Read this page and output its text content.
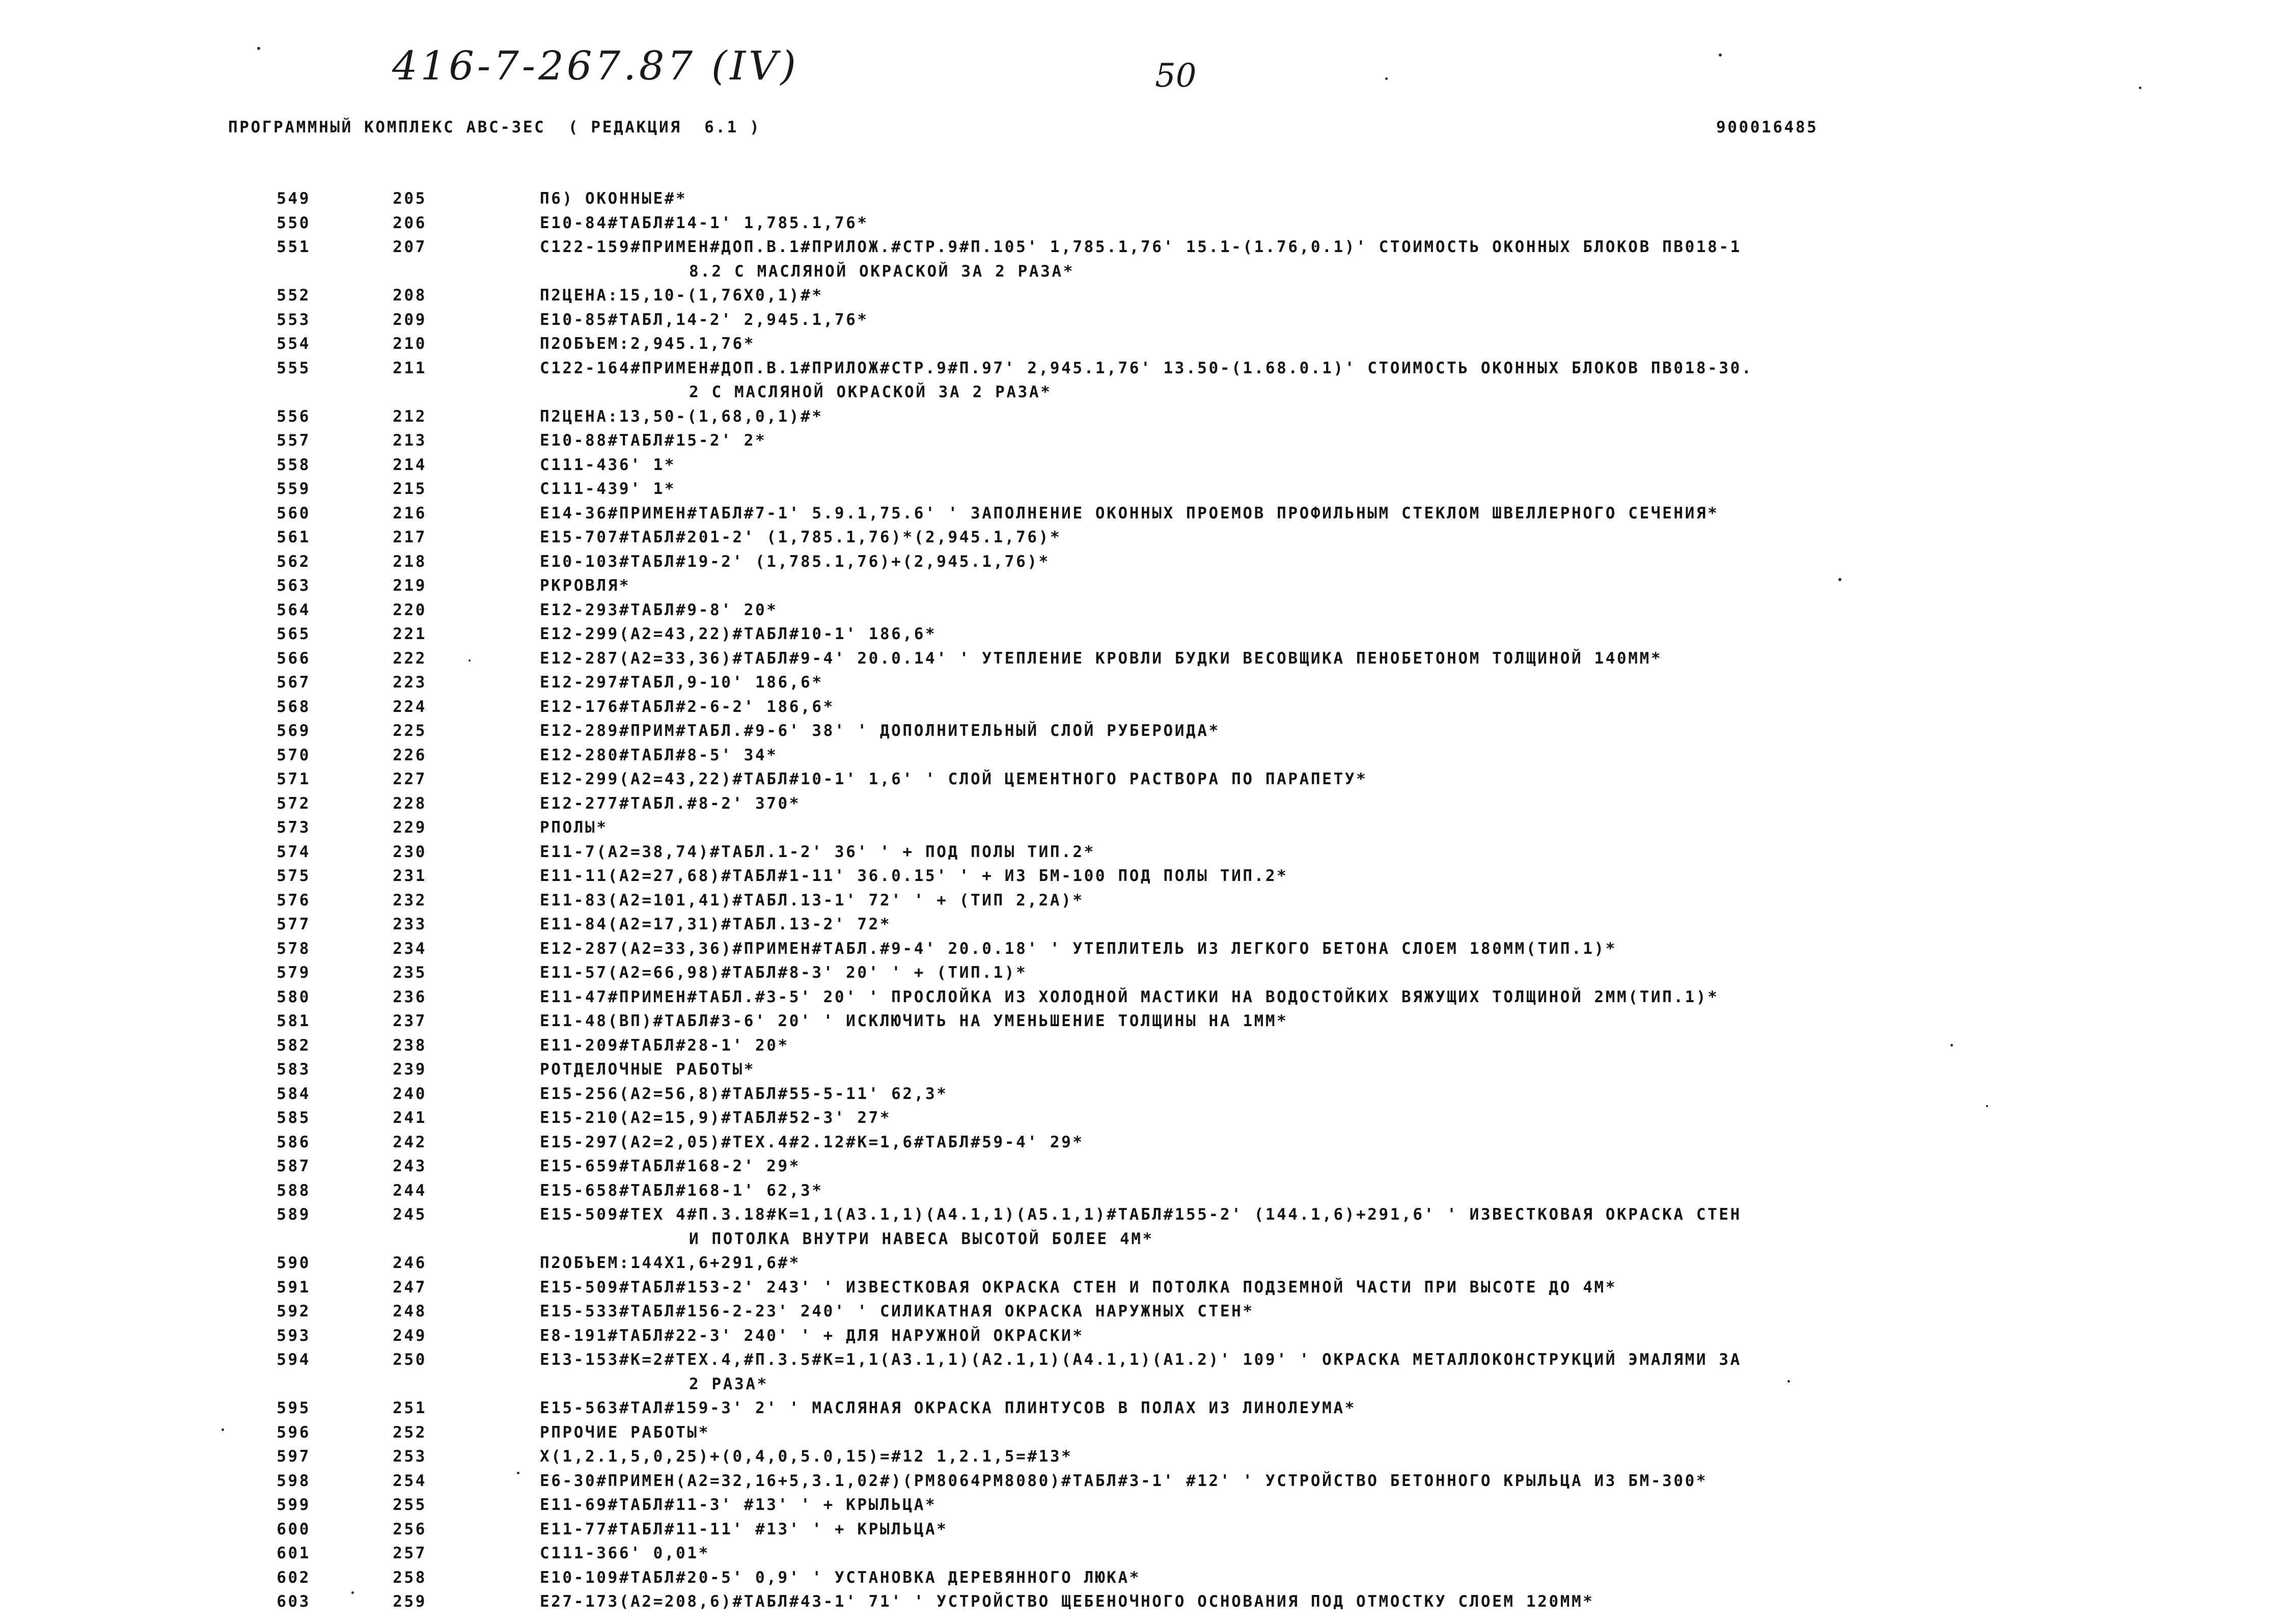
416-7-267.87 (IV)	50
ПРОГРАММНЫЙ КОМПЛЕКС АВС-3ЕС  ( РЕДАКЦИЯ  6.1 )	900016485
549	205	П6) ОКОННЫЕ#*
550	206	Е10-84#ТАБЛ#14-1' 1,785.1,76*
551	207	С122-159#ПРИМЕН#ДОП.В.1#ПРИЛОЖ.#СТР.9#П.105' 1,785.1,76' 15.1-(1.76,0.1)' СТОИМОСТЬ ОКОННЫХ БЛОКОВ ПВ018-1
8.2 С МАСЛЯНОЙ ОКРАСКОЙ ЗА 2 РАЗА*
552	208	П2ЦЕНА:15,10-(1,76Х0,1)#*
553	209	Е10-85#ТАБЛ,14-2' 2,945.1,76*
554	210	П2ОБЪЕМ:2,945.1,76*
555	211	С122-164#ПРИМЕН#ДОП.В.1#ПРИЛОЖ#СТР.9#П.97' 2,945.1,76' 13.50-(1.68.0.1)' СТОИМОСТЬ ОКОННЫХ БЛОКОВ ПВ018-30.
2 С МАСЛЯНОЙ ОКРАСКОЙ ЗА 2 РАЗА*
556	212	П2ЦЕНА:13,50-(1,68,0,1)#*
557	213	Е10-88#ТАБЛ#15-2' 2*
558	214	С111-436' 1*
559	215	С111-439' 1*
560	216	Е14-36#ПРИМЕН#ТАБЛ#7-1' 5.9.1,75.6' ' ЗАПОЛНЕНИЕ ОКОННЫХ ПРОЕМОВ ПРОФИЛЬНЫМ СТЕКЛОМ ШВЕЛЛЕРНОГО СЕЧЕНИЯ*
561	217	Е15-707#ТАБЛ#201-2' (1,785.1,76)*(2,945.1,76)*
562	218	Е10-103#ТАБЛ#19-2' (1,785.1,76)+(2,945.1,76)*
563	219	РКРОВЛЯ*
564	220	Е12-293#ТАБЛ#9-8' 20*
565	221	Е12-299(А2=43,22)#ТАБЛ#10-1' 186,6*
566	222	Е12-287(А2=33,36)#ТАБЛ#9-4' 20.0.14' ' УТЕПЛЕНИЕ КРОВЛИ БУДКИ ВЕСОВЩИКА ПЕНОБЕТОНОМ ТОЛЩИНОЙ 140ММ*
567	223	Е12-297#ТАБЛ,9-10' 186,6*
568	224	Е12-176#ТАБЛ#2-6-2' 186,6*
569	225	Е12-289#ПРИМ#ТАБЛ.#9-6' 38' ' ДОПОЛНИТЕЛЬНЫЙ СЛОЙ РУБЕРОИДА*
570	226	Е12-280#ТАБЛ#8-5' 34*
571	227	Е12-299(А2=43,22)#ТАБЛ#10-1' 1,6' ' СЛОЙ ЦЕМЕНТНОГО РАСТВОРА ПО ПАРАПЕТУ*
572	228	Е12-277#ТАБЛ.#8-2' 370*
573	229	РПОЛЫ*
574	230	Е11-7(А2=38,74)#ТАБЛ.1-2' 36' ' + ПОД ПОЛЫ ТИП.2*
575	231	Е11-11(А2=27,68)#ТАБЛ#1-11' 36.0.15' ' + ИЗ БМ-100 ПОД ПОЛЫ ТИП.2*
576	232	Е11-83(А2=101,41)#ТАБЛ.13-1' 72' ' + (ТИП 2,2А)*
577	233	Е11-84(А2=17,31)#ТАБЛ.13-2' 72*
578	234	Е12-287(А2=33,36)#ПРИМЕН#ТАБЛ.#9-4' 20.0.18' ' УТЕПЛИТЕЛЬ ИЗ ЛЕГКОГО БЕТОНА СЛОЕМ 180ММ(ТИП.1)*
579	235	Е11-57(А2=66,98)#ТАБЛ#8-3' 20' ' + (ТИП.1)*
580	236	Е11-47#ПРИМЕН#ТАБЛ.#3-5' 20' ' ПРОСЛОЙКА ИЗ ХОЛОДНОЙ МАСТИКИ НА ВОДОСТОЙКИХ ВЯЖУЩИХ ТОЛЩИНОЙ 2ММ(ТИП.1)*
581	237	Е11-48(ВП)#ТАБЛ#3-6' 20' ' ИСКЛЮЧИТЬ НА УМЕНЬШЕНИЕ ТОЛЩИНЫ НА 1ММ*
582	238	Е11-209#ТАБЛ#28-1' 20*
583	239	РОТДЕЛОЧНЫЕ РАБОТЫ*
584	240	Е15-256(А2=56,8)#ТАБЛ#55-5-11' 62,3*
585	241	Е15-210(А2=15,9)#ТАБЛ#52-3' 27*
586	242	Е15-297(А2=2,05)#ТЕХ.4#2.12#К=1,6#ТАБЛ#59-4' 29*
587	243	Е15-659#ТАБЛ#168-2' 29*
588	244	Е15-658#ТАБЛ#168-1' 62,3*
589	245	Е15-509#ТЕХ 4#П.3.18#К=1,1(А3.1,1)(А4.1,1)(А5.1,1)#ТАБЛ#155-2' (144.1,6)+291,6' ' ИЗВЕСТКОВАЯ ОКРАСКА СТЕН
И ПОТОЛКА ВНУТРИ НАВЕСА ВЫСОТОЙ БОЛЕЕ 4М*
590	246	П2ОБЪЕМ:144Х1,6+291,6#*
591	247	Е15-509#ТАБЛ#153-2' 243' ' ИЗВЕСТКОВАЯ ОКРАСКА СТЕН И ПОТОЛКА ПОДЗЕМНОЙ ЧАСТИ ПРИ ВЫСОТЕ ДО 4М*
592	248	Е15-533#ТАБЛ#156-2-23' 240' ' СИЛИКАТНАЯ ОКРАСКА НАРУЖНЫХ СТЕН*
593	249	Е8-191#ТАБЛ#22-3' 240' ' + ДЛЯ НАРУЖНОЙ ОКРАСКИ*
594	250	Е13-153#К=2#ТЕХ.4,#П.3.5#К=1,1(А3.1,1)(А2.1,1)(А4.1,1)(А1.2)' 109' ' ОКРАСКА МЕТАЛЛОКОНСТРУКЦИЙ ЭМАЛЯМИ ЗА
2 РАЗА*
595	251	Е15-563#ТАЛ#159-3' 2' ' МАСЛЯНАЯ ОКРАСКА ПЛИНТУСОВ В ПОЛАХ ИЗ ЛИНОЛЕУМА*
596	252	РПРОЧИЕ РАБОТЫ*
597	253	Х(1,2.1,5,0,25)+(0,4,0,5.0,15)=#12 1,2.1,5=#13*
598	254	Е6-30#ПРИМЕН(А2=32,16+5,3.1,02#)(РМ8064РМ8080)#ТАБЛ#3-1' #12' ' УСТРОЙСТВО БЕТОННОГО КРЫЛЬЦА ИЗ БМ-300*
599	255	Е11-69#ТАБЛ#11-3' #13' ' + КРЫЛЬЦА*
600	256	Е11-77#ТАБЛ#11-11' #13' ' + КРЫЛЬЦА*
601	257	С111-366' 0,01*
602	258	Е10-109#ТАБЛ#20-5' 0,9' ' УСТАНОВКА ДЕРЕВЯННОГО ЛЮКА*
603	259	Е27-173(А2=208,6)#ТАБЛ#43-1' 71' ' УСТРОЙСТВО ЩЕБЕНОЧНОГО ОСНОВАНИЯ ПОД ОТМОСТКУ СЛОЕМ 120ММ*
